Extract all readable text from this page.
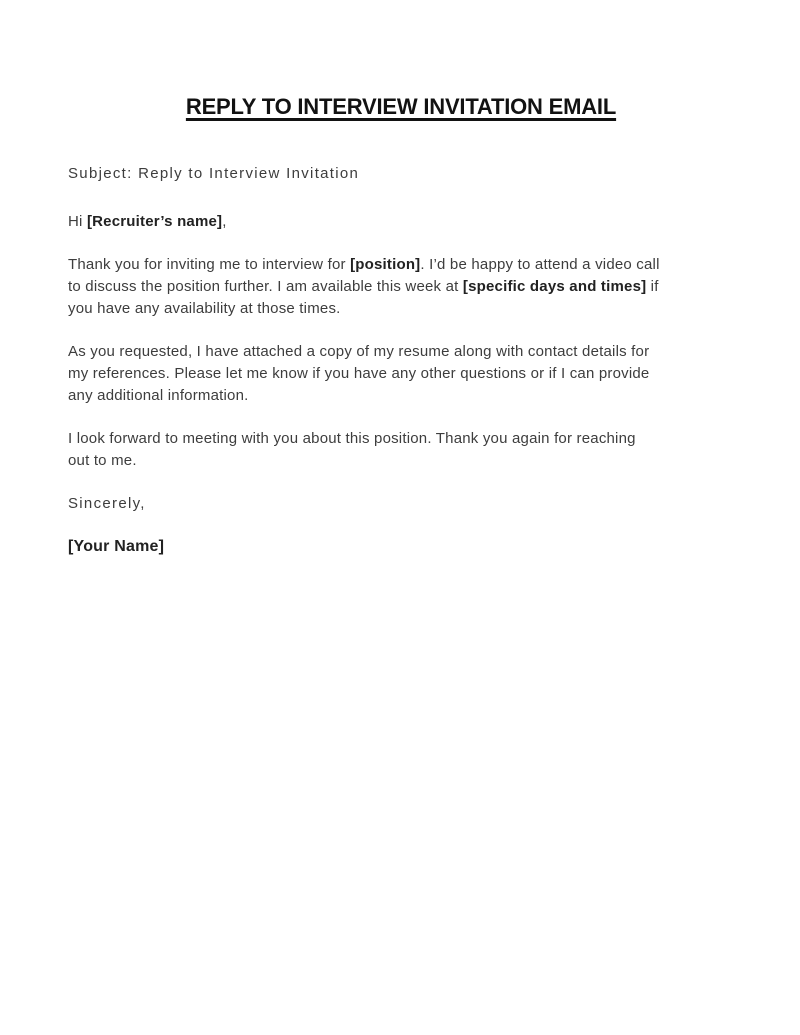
REPLY TO INTERVIEW INVITATION EMAIL

Subject: Reply to Interview Invitation

Hi [Recruiter’s name],
Thank you for inviting me to interview for [position]. I’d be happy to attend a video call
to discuss the position further. I am available this week at [specific days and times] if
you have any availability at those times.
As you requested, I have attached a copy of my resume along with contact details for
my references. Please let me know if you have any other questions or if I can provide
any additional information.
I look forward to meeting with you about this position. Thank you again for reaching
out to me.

Sincerely,

[Your Name]
